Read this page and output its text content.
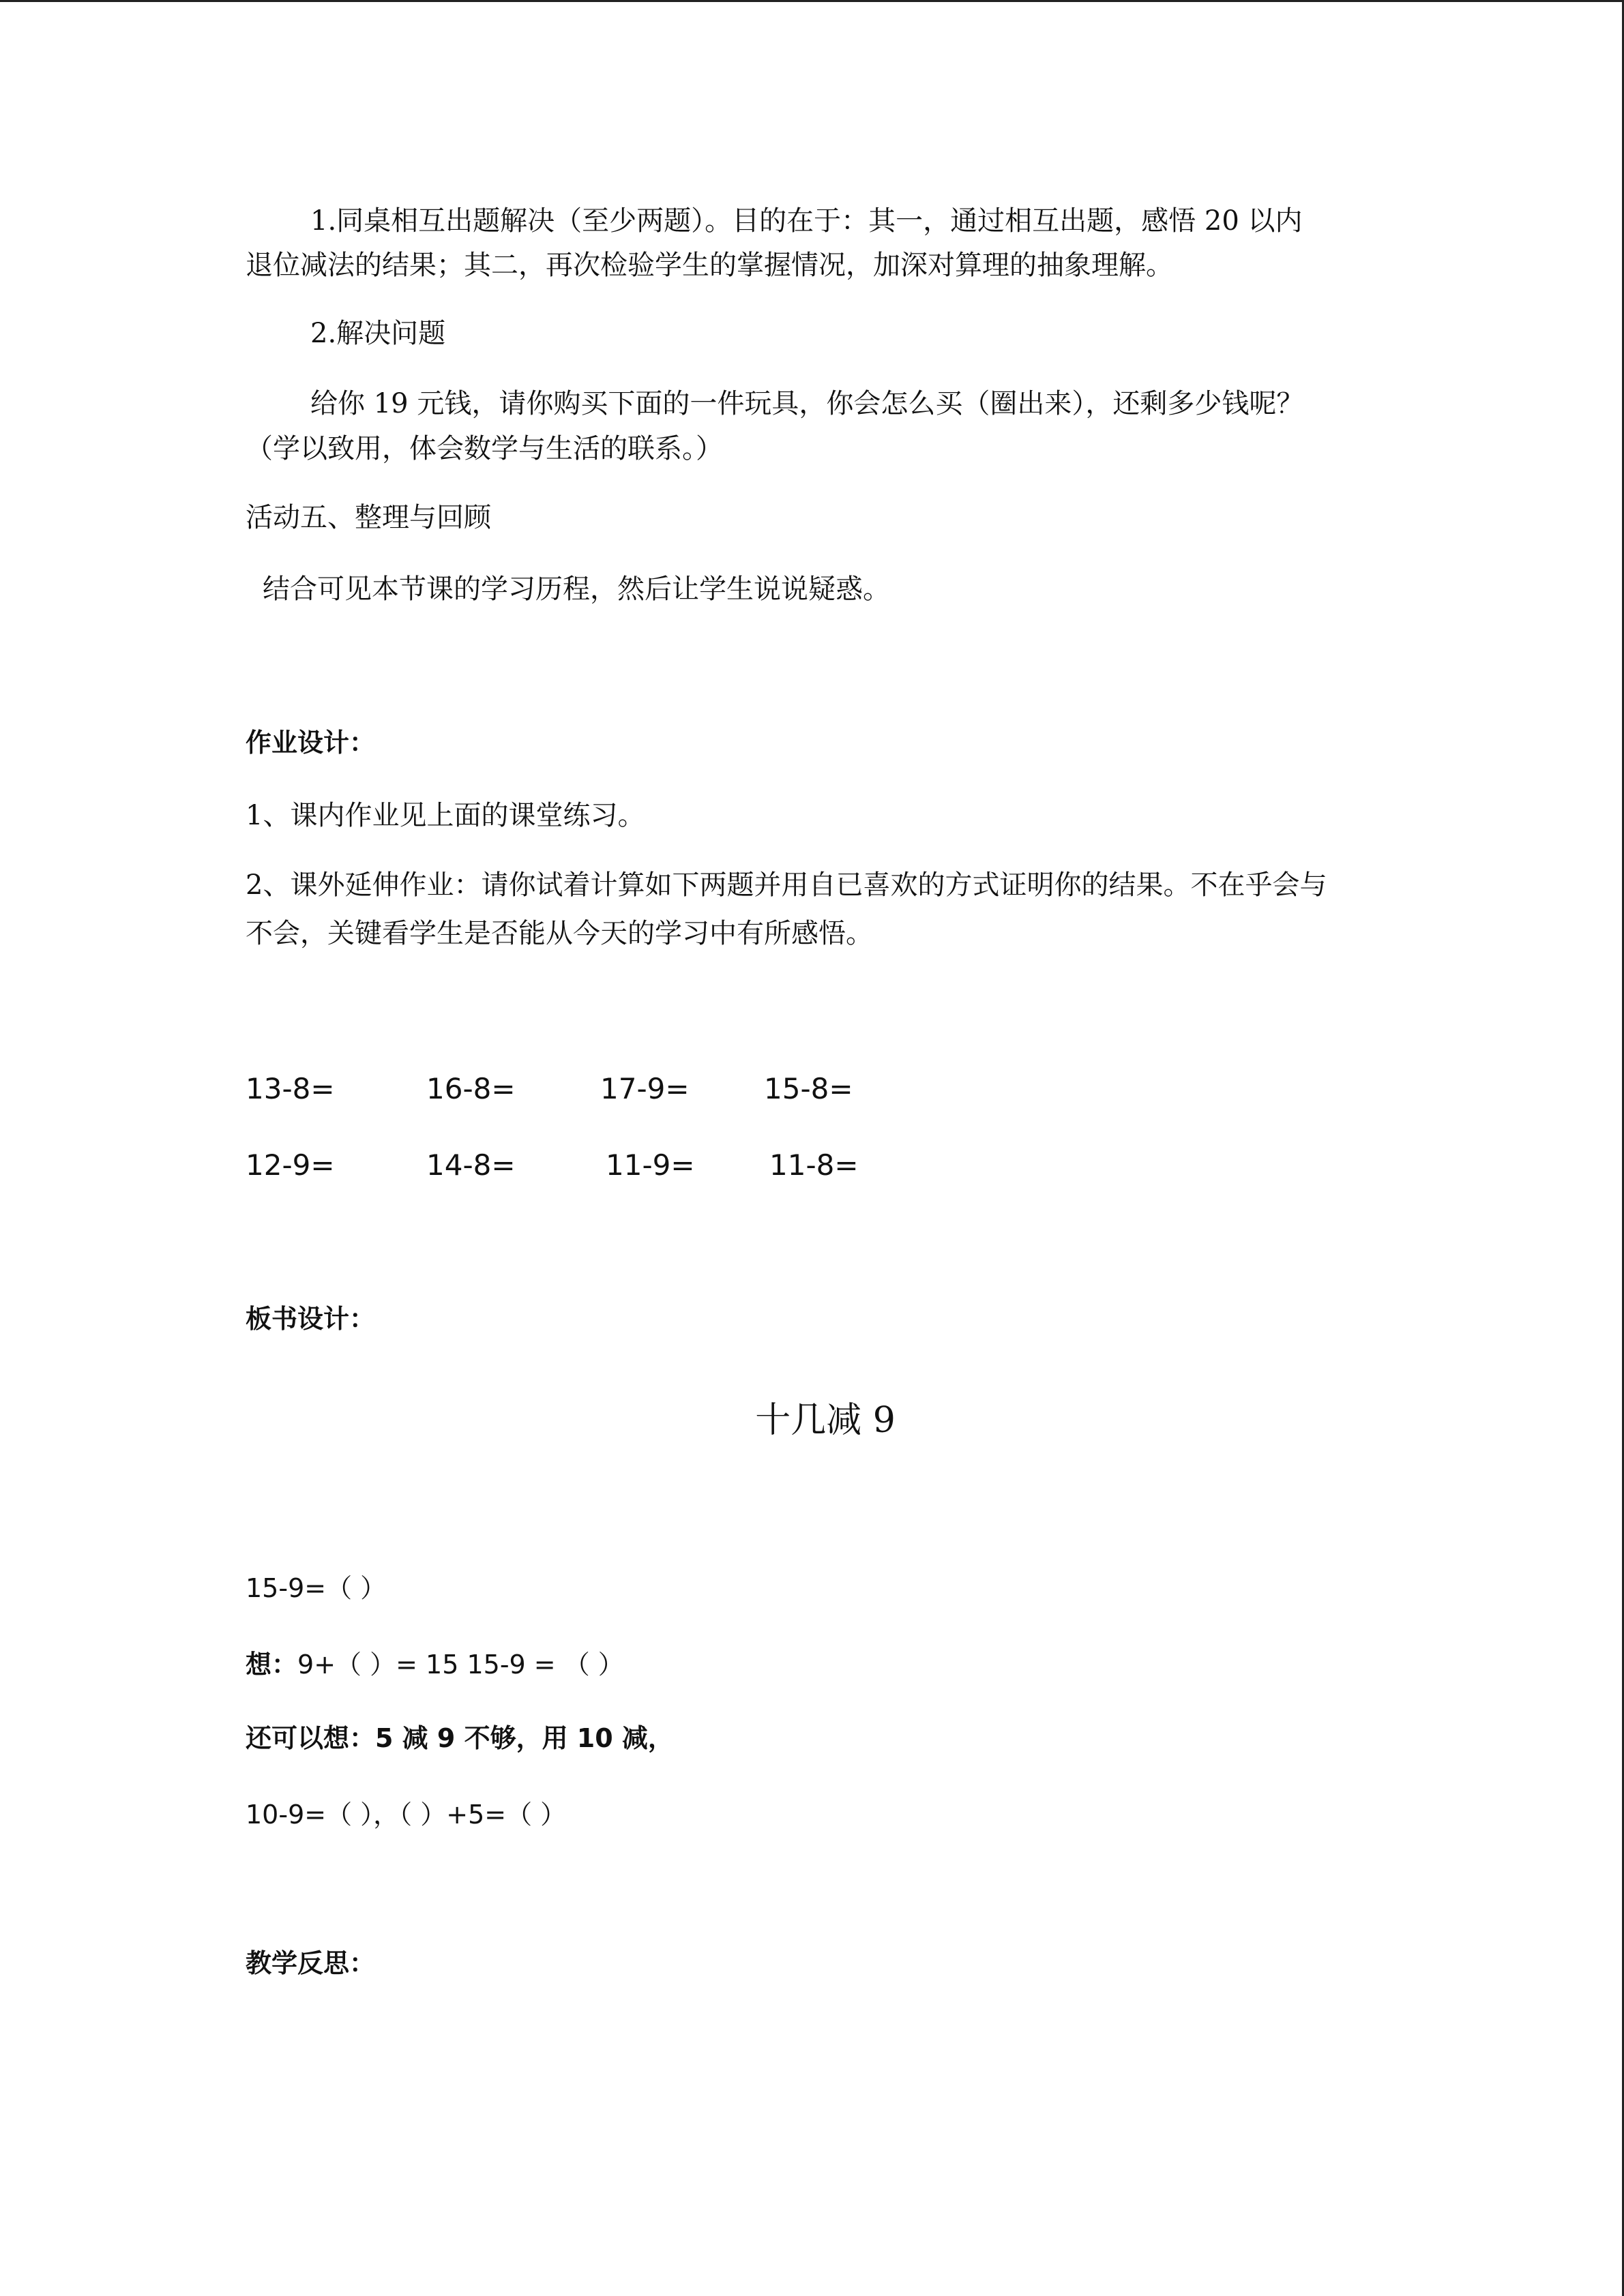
1.同桌相互出题解决（至少两题）。目的在于：其一，通过相互出题，感悟 20 以内
退位减法的结果；其二，再次检验学生的掌握情况，加深对算理的抽象理解。
2.解决问题
给你 19 元钱，请你购买下面的一件玩具，你会怎么买（圈出来），还剩多少钱呢？
（学以致用，体会数学与生活的联系。）
活动五、整理与回顾
结合可见本节课的学习历程，然后让学生说说疑惑。
作业设计：
1、课内作业见上面的课堂练习。
2、课外延伸作业：请你试着计算如下两题并用自已喜欢的方式证明你的结果。不在乎会与
不会，关键看学生是否能从今天的学习中有所感悟。
13-8=	16-8=	17-9=	15-8=
12-9=	14-8=	11-9=	11-8=
板书设计：
十几减 9
15-9=（ ）
想：9+（ ）= 15 15-9 = （ ）
还可以想：5 减 9 不够，用 10 减，
10-9=（ ），（ ）+5=（ ）
教学反思：
